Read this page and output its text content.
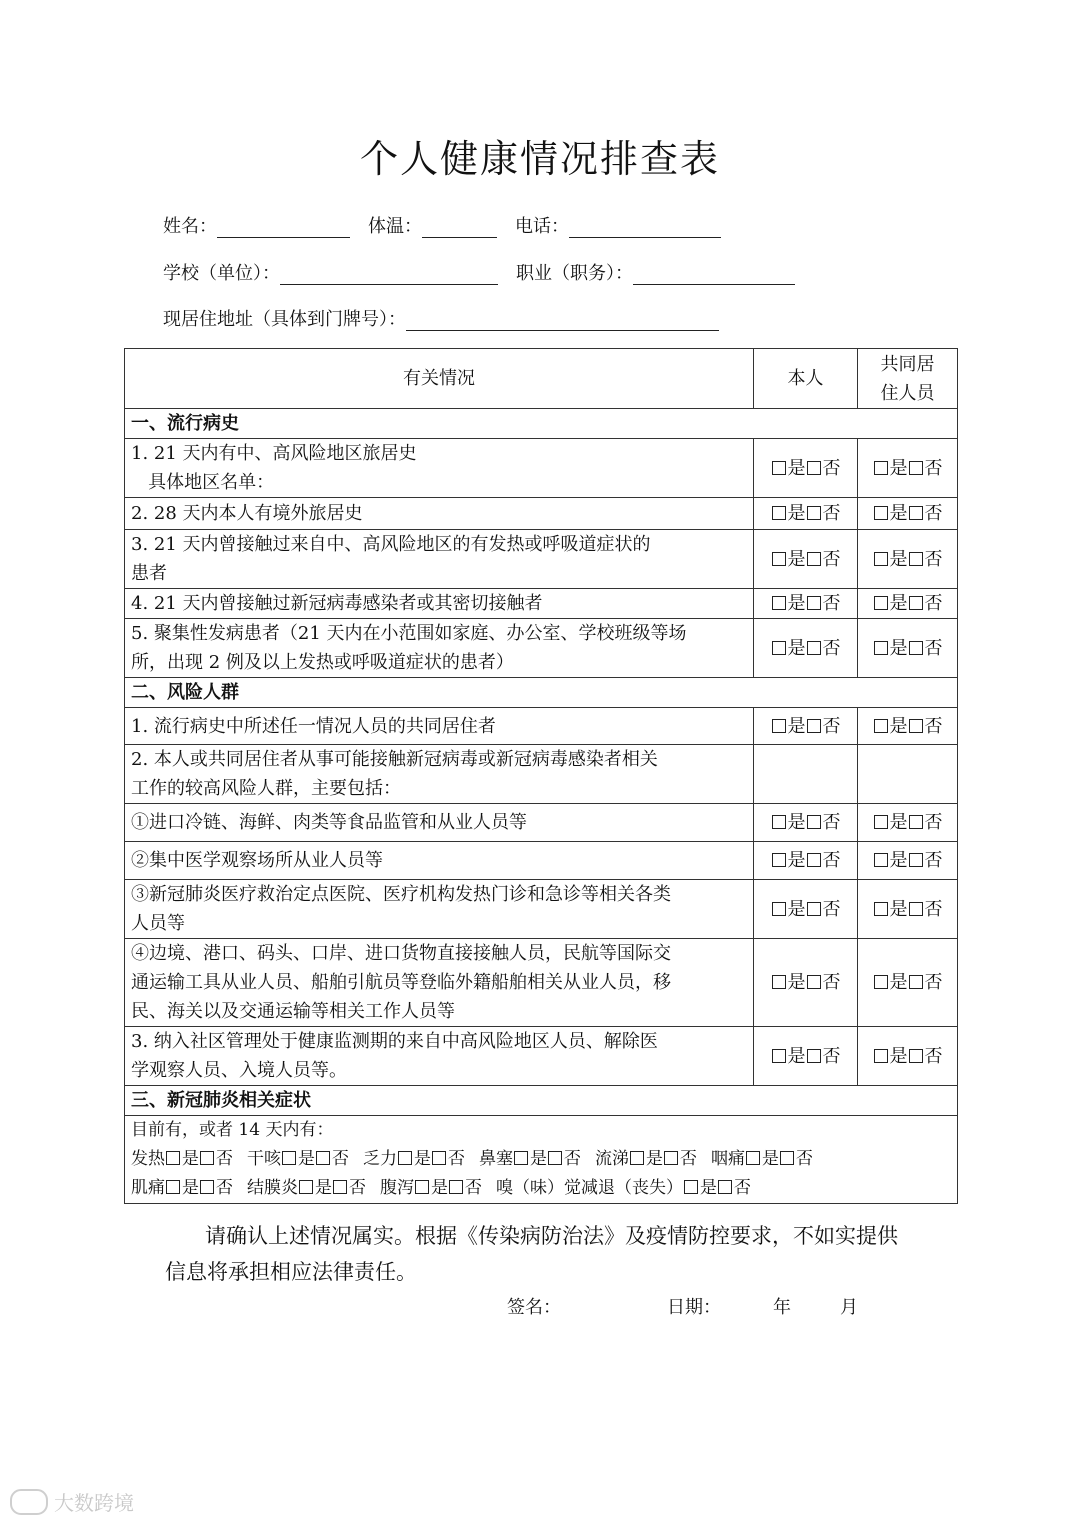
个人健康情况排查表
姓名：	体温：	电话：
学校（单位）：	职业（职务）：
现居住地址（具体到门牌号）：
有关情况	本人	共同居
住人员

一、流行病史		

1. 21 天内有中、高风险地区旅居史
具体地区名单：	是 否	是 否

2. 28 天内本人有境外旅居史	是 否	是 否

3. 21 天内曾接触过来自中、高风险地区的有发热或呼吸道症状的
患者	是 否	是 否

4. 21 天内曾接触过新冠病毒感染者或其密切接触者	是 否	是 否

5. 聚集性发病患者（21 天内在小范围如家庭、办公室、学校班级等场
所，出现 2 例及以上发热或呼吸道症状的患者）	是 否	是 否
二、风险人群		

1. 流行病史中所述任一情况人员的共同居住者	是 否	是 否

2. 本人或共同居住者从事可能接触新冠病毒或新冠病毒感染者相关
工作的较高风险人群，主要包括：		

①进口冷链、海鲜、肉类等食品监管和从业人员等	是 否	是 否

②集中医学观察场所从业人员等	是 否	是 否

③新冠肺炎医疗救治定点医院、医疗机构发热门诊和急诊等相关各类
人员等	是 否	是 否

④边境、港口、码头、口岸、进口货物直接接触人员，民航等国际交
通运输工具从业人员、船舶引航员等登临外籍船舶相关从业人员，移
民、海关以及交通运输等相关工作人员等	是 否	是 否

3. 纳入社区管理处于健康监测期的来自中高风险地区人员、解除医
学观察人员、入境人员等。	是 否	是 否
三、新冠肺炎相关症状		

目前有，或者 14 天内有：
发热 是 否 干咳 是 否 乏力 是 否 鼻塞 是 否 流涕 是 否 咽痛 是 否
肌痛 是 否 结膜炎 是 否 腹泻 是 否 嗅（味）觉减退（丧失） 是 否		
请确认上述情况属实。根据《传染病防治法》及疫情防控要求，不如实提供信息将承担相应法律责任。
签名：	日期：	年	月
大数跨境
